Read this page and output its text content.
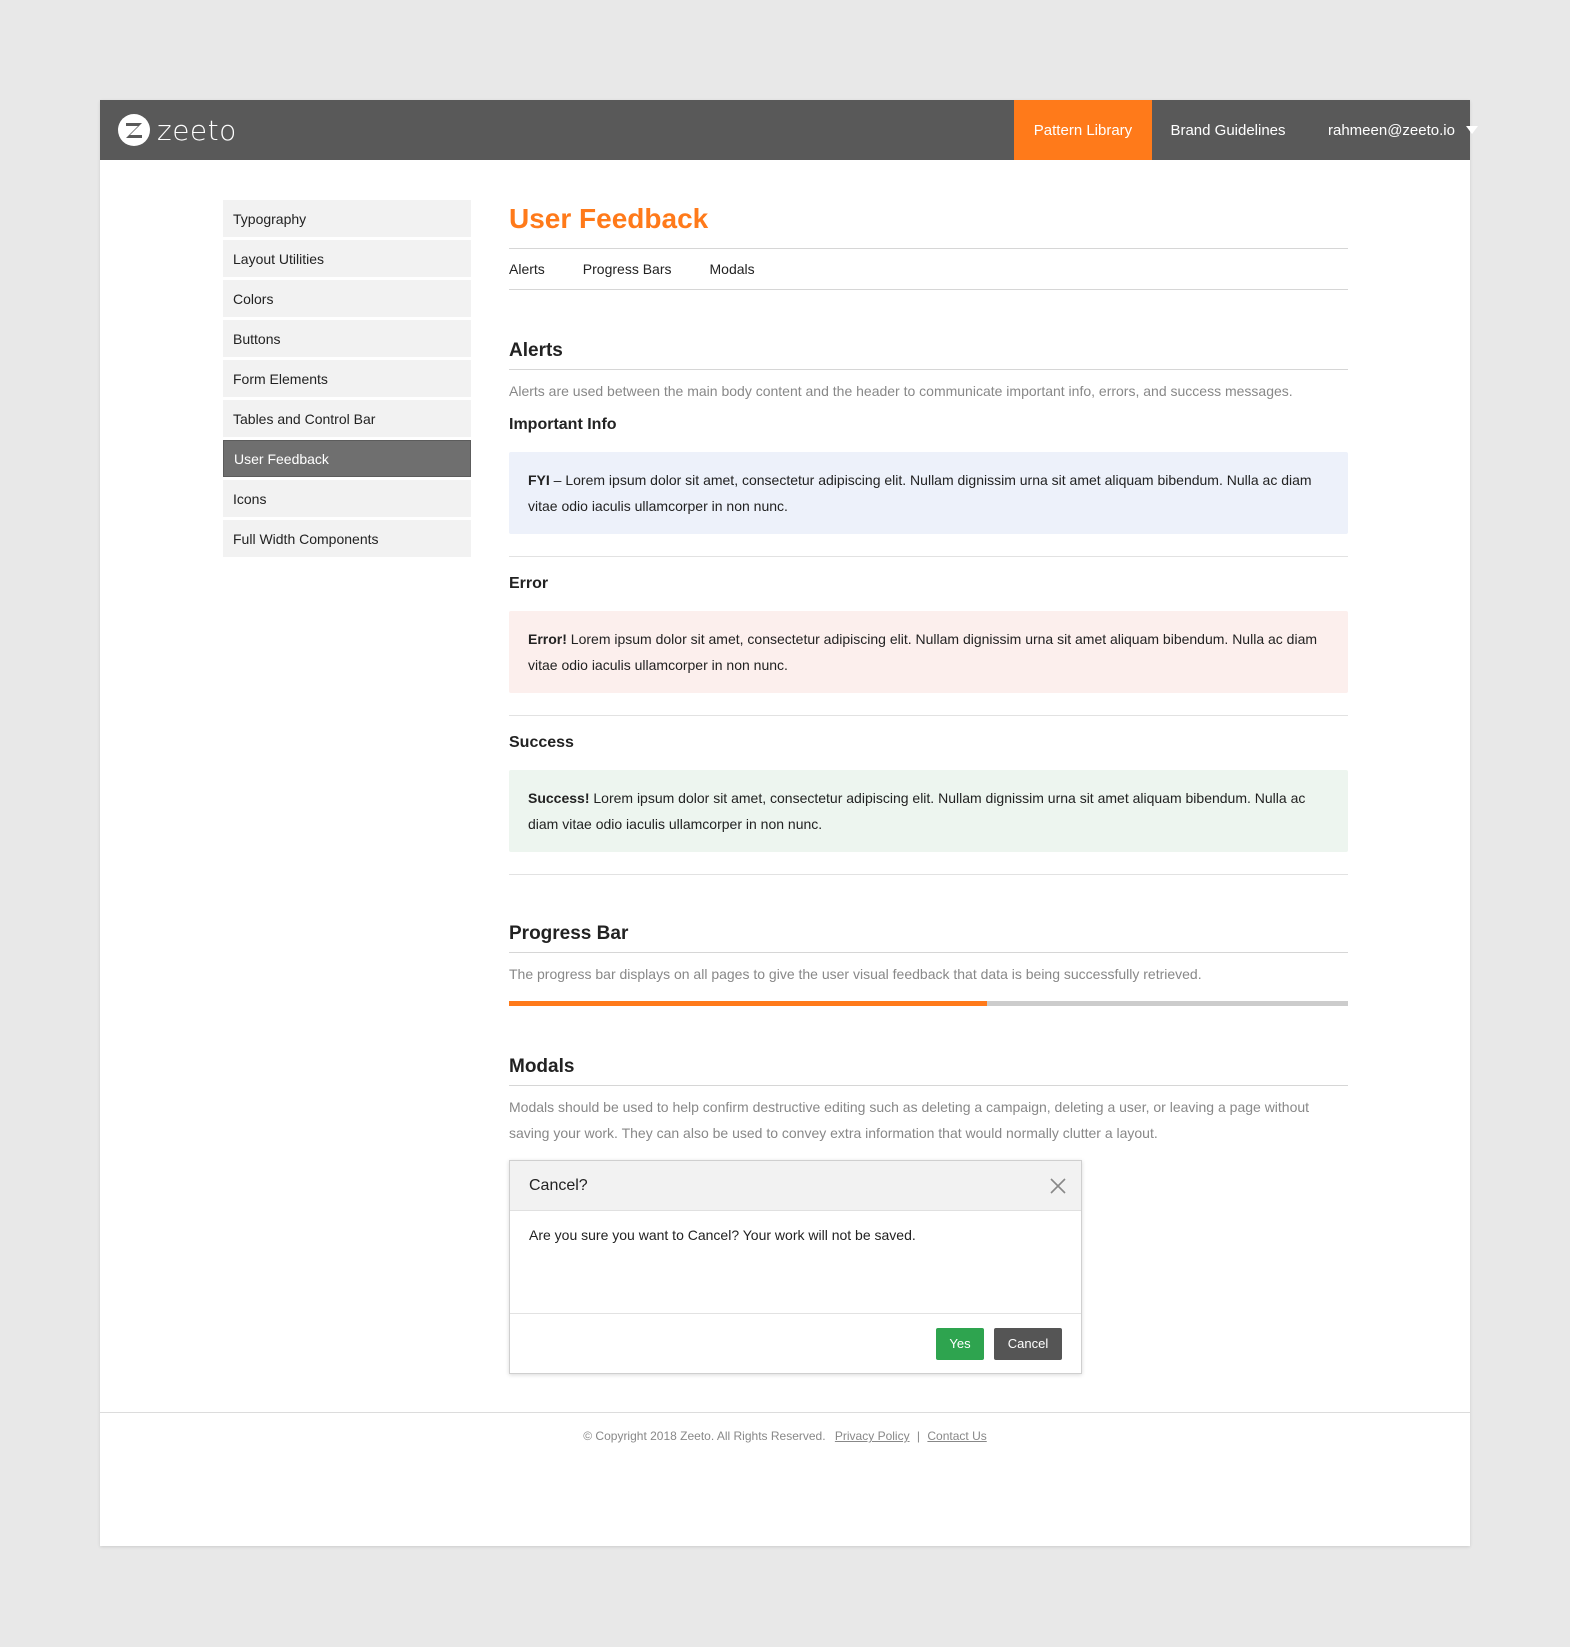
zeeto	Pattern Library	Brand Guidelines	rahmeen@zeeto.io
Typography
Layout Utilities
Colors
Buttons
Form Elements
Tables and Control Bar
User Feedback
Icons
Full Width Components
User Feedback
Alerts	Progress Bars	Modals
Alerts

Alerts are used between the main body content and the header to communicate important info, errors, and success messages.

Important Info
FYI – Lorem ipsum dolor sit amet, consectetur adipiscing elit. Nullam dignissim urna sit amet aliquam bibendum. Nulla ac diam vitae odio iaculis ullamcorper in non nunc.
Error
Error! Lorem ipsum dolor sit amet, consectetur adipiscing elit. Nullam dignissim urna sit amet aliquam bibendum. Nulla ac diam vitae odio iaculis ullamcorper in non nunc.
Success
Success! Lorem ipsum dolor sit amet, consectetur adipiscing elit. Nullam dignissim urna sit amet aliquam bibendum. Nulla ac diam vitae odio iaculis ullamcorper in non nunc.
Progress Bar

The progress bar displays on all pages to give the user visual feedback that data is being successfully retrieved.

Modals

Modals should be used to help confirm destructive editing such as deleting a campaign, deleting a user, or leaving a page without saving your work. They can also be used to convey extra information that would normally clutter a layout.

Cancel?
Are you sure you want to Cancel? Your work will not be saved.
Yes	Cancel
© Copyright 2018 Zeeto. All Rights Reserved. Privacy Policy | Contact Us
